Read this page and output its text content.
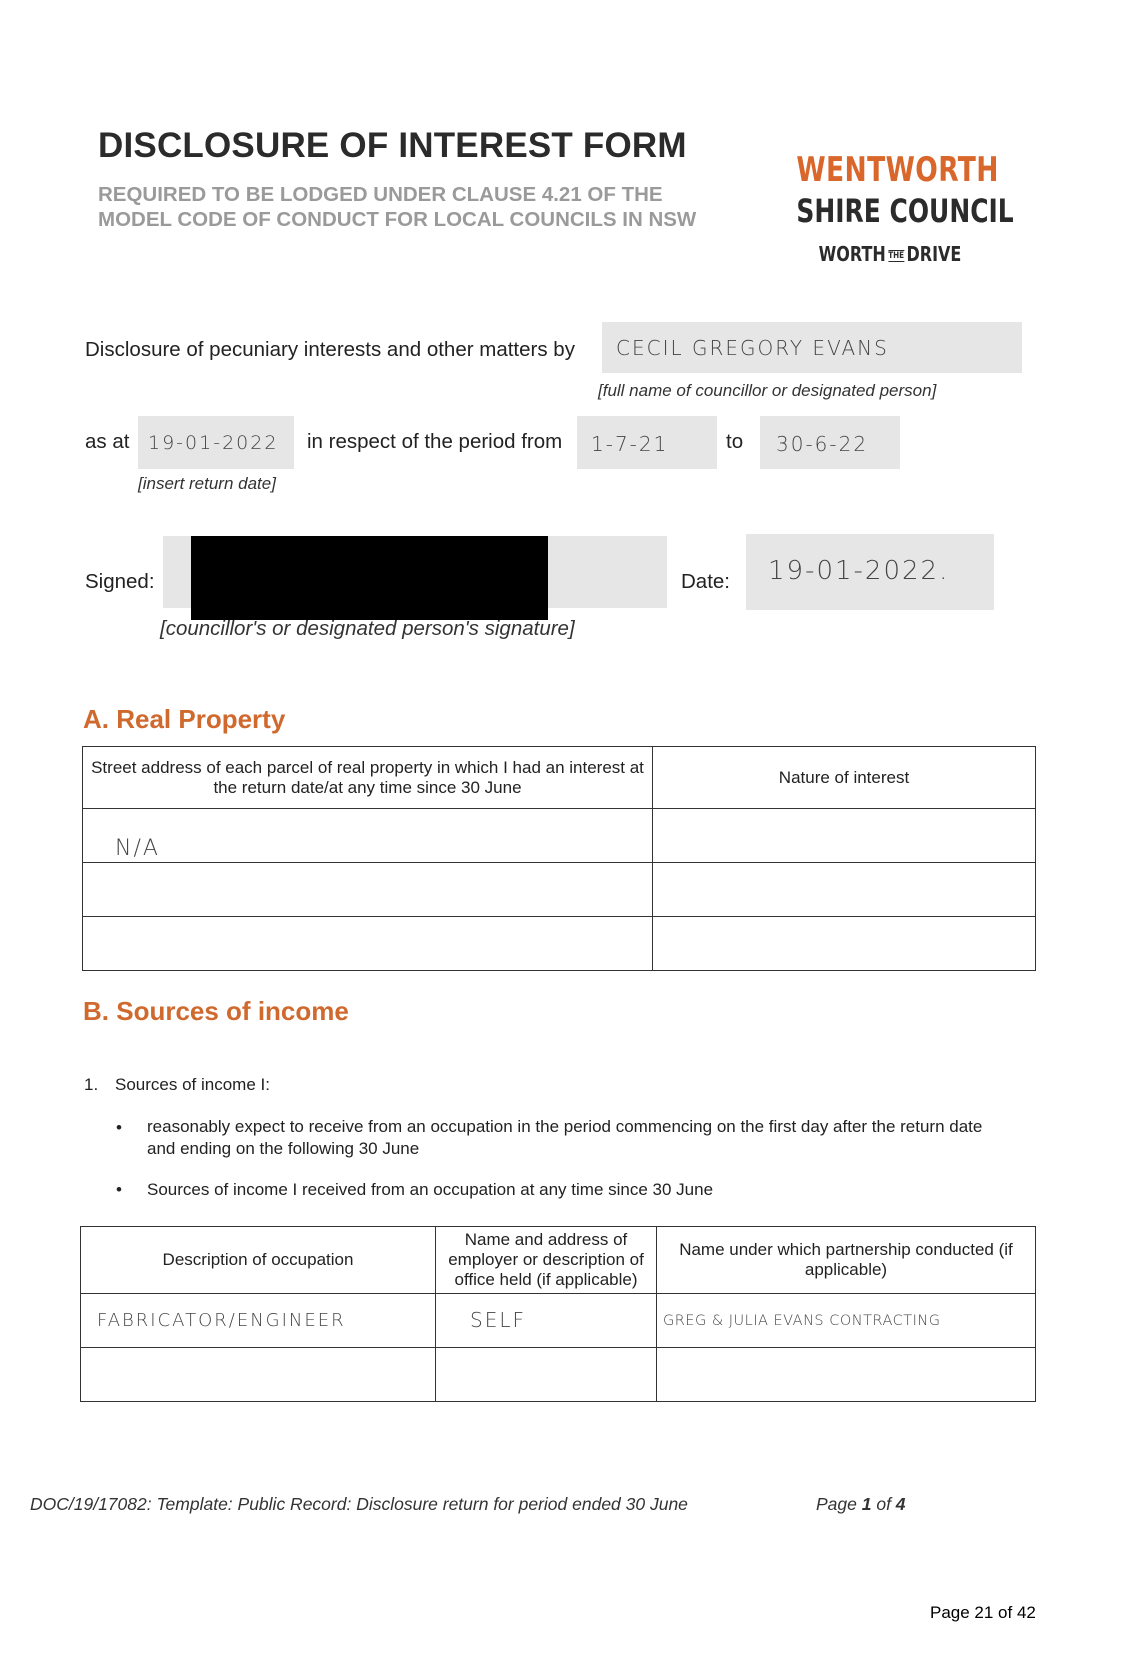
DISCLOSURE OF INTEREST FORM
REQUIRED TO BE LODGED UNDER CLAUSE 4.21 OF THE MODEL CODE OF CONDUCT FOR LOCAL COUNCILS IN NSW
WENTWORTH
SHIRE COUNCIL
WORTH THE DRIVE
Disclosure of pecuniary interests and other matters by CECIL GREGORY EVANS
[full name of councillor or designated person]
as at 19-01-2022
[insert return date]
in respect of the period from 1-7-21	to 30-6-22
Signed:
[councillor's or designated person's signature]
Date: 19-01-2022.
A. Real Property
Street address of each parcel of real property in which I had an interest at the return date/at any time since 30 June	Nature of interest
N/A	

B. Sources of income
1. Sources of income I:
• reasonably expect to receive from an occupation in the period commencing on the first day after the return date and ending on the following 30 June
• Sources of income I received from an occupation at any time since 30 June
Description of occupation	Name and address of employer or description of office held (if applicable)	Name under which partnership conducted (if applicable)
FABRICATOR/ENGINEER	SELF	GREG & JULIA EVANS CONTRACTING

DOC/19/17082: Template: Public Record: Disclosure return for period ended 30 June	Page 1 of 4
Page 21 of 42
